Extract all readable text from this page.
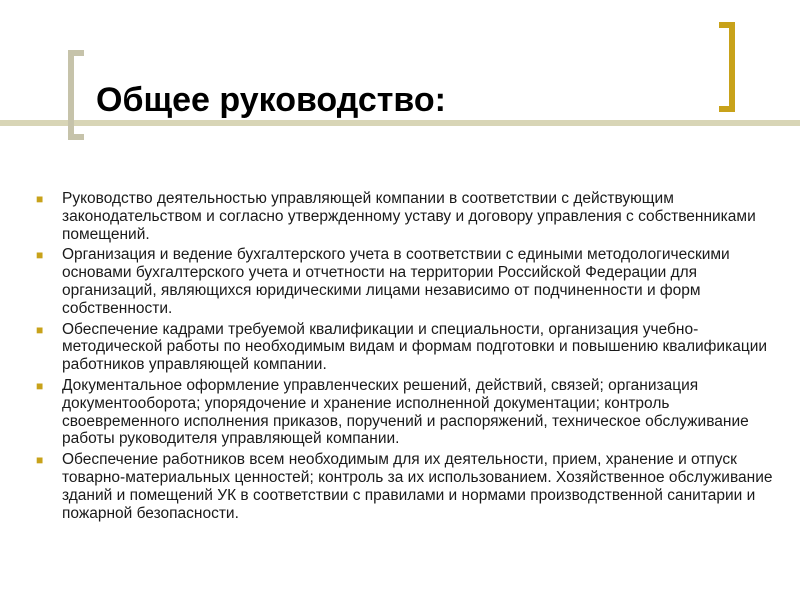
Общее руководство:
■	Руководство деятельностью управляющей компании в соответствии с действующим законодательством и согласно утвержденному уставу и договору управления с собственниками помещений.
■	Организация и ведение бухгалтерского учета в соответствии с едиными методологическими основами бухгалтерского учета и отчетности на территории Российской Федерации для организаций, являющихся юридическими лицами независимо от подчиненности и форм собственности.
■	Обеспечение кадрами требуемой квалификации и специальности, организация учебно-методической работы по необходимым видам и формам подготовки и повышению квалификации работников управляющей компании.
■	Документальное оформление управленческих решений, действий, связей; организация документооборота; упорядочение и хранение исполненной документации; контроль своевременного исполнения приказов, поручений и распоряжений, техническое обслуживание работы руководителя управляющей компании.
■	Обеспечение работников всем необходимым для их деятельности, прием, хранение и отпуск товарно-материальных ценностей; контроль за их использованием. Хозяйственное обслуживание зданий и помещений УК в соответствии с правилами и нормами производственной санитарии и пожарной безопасности.
